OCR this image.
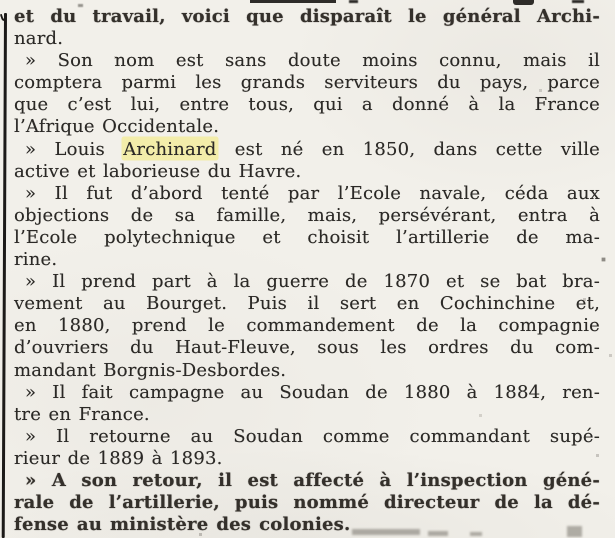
et du travail, voici que disparaît le général Archi-
nard.
» Son nom est sans doute moins connu, mais il
comptera parmi les grands serviteurs du pays, parce
que c’est lui, entre tous, qui a donné à la France
l’Afrique Occidentale.
» Louis Archinard est né en 1850, dans cette ville
active et laborieuse du Havre.
» Il fut d’abord tenté par l’Ecole navale, céda aux
objections de sa famille, mais, persévérant, entra à
l’Ecole polytechnique et choisit l’artillerie de ma-
rine.
» Il prend part à la guerre de 1870 et se bat bra-
vement au Bourget. Puis il sert en Cochinchine et,
en 1880, prend le commandement de la compagnie
d’ouvriers du Haut-Fleuve, sous les ordres du com-
mandant Borgnis-Desbordes.
» Il fait campagne au Soudan de 1880 à 1884, ren-
tre en France.
» Il retourne au Soudan comme commandant supé-
rieur de 1889 à 1893.
» A son retour, il est affecté à l’inspection géné-
rale de l’artillerie, puis nommé directeur de la dé-
fense au ministère des colonies.
